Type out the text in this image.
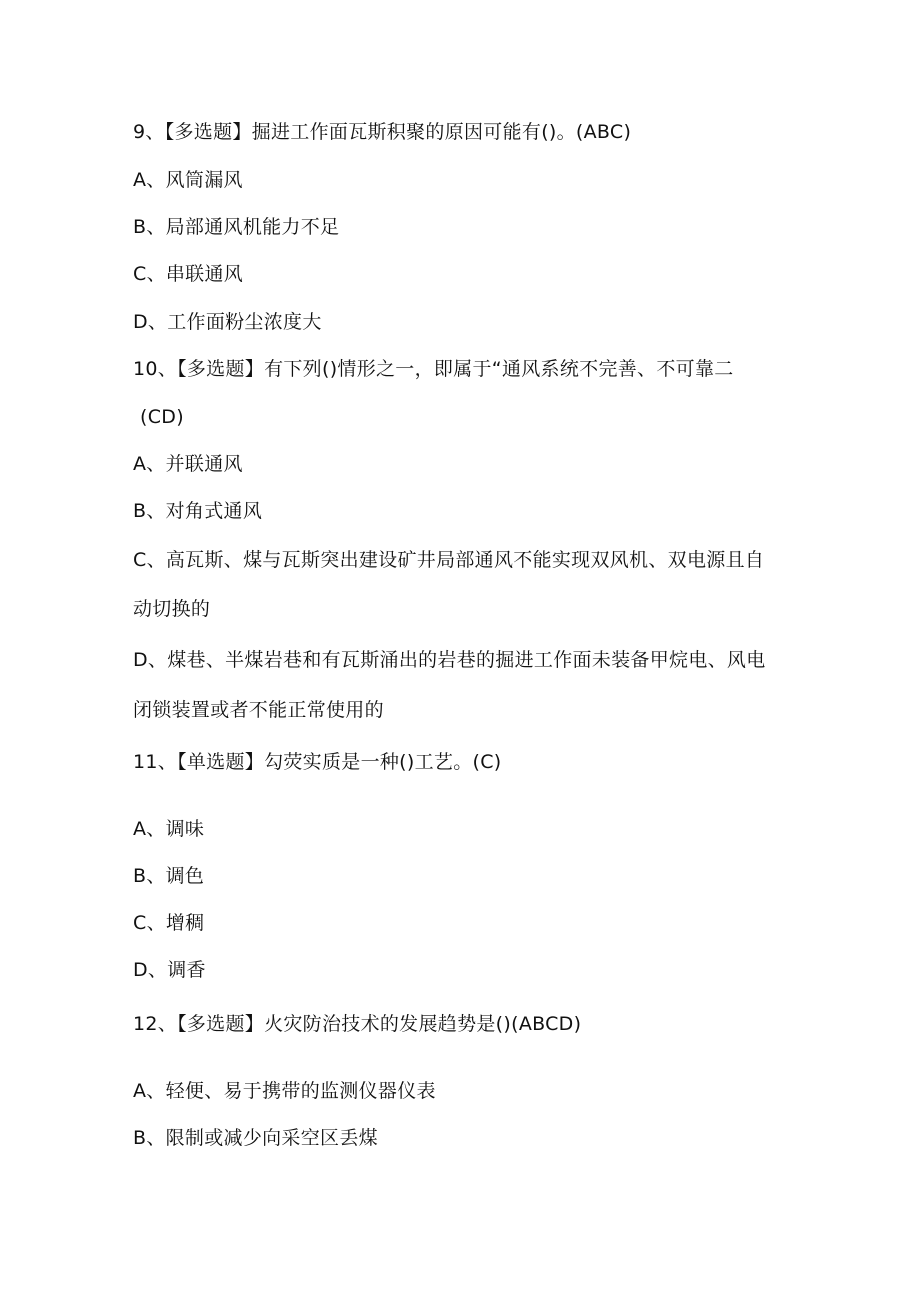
9、【多选题】掘进工作面瓦斯积聚的原因可能有()。(ABC)
A、风筒漏风
B、局部通风机能力不足
C、串联通风
D、工作面粉尘浓度大
10、【多选题】有下列()情形之一，即属于“通风系统不完善、不可靠二
(CD)
A、并联通风
B、对角式通风
C、高瓦斯、煤与瓦斯突出建设矿井局部通风不能实现双风机、双电源且自
动切换的
D、煤巷、半煤岩巷和有瓦斯涌出的岩巷的掘进工作面未装备甲烷电、风电
闭锁装置或者不能正常使用的
11、【单选题】勾荧实质是一种()工艺。(C)
A、调味
B、调色
C、增稠
D、调香
12、【多选题】火灾防治技术的发展趋势是()(ABCD)
A、轻便、易于携带的监测仪器仪表
B、限制或减少向采空区丢煤
